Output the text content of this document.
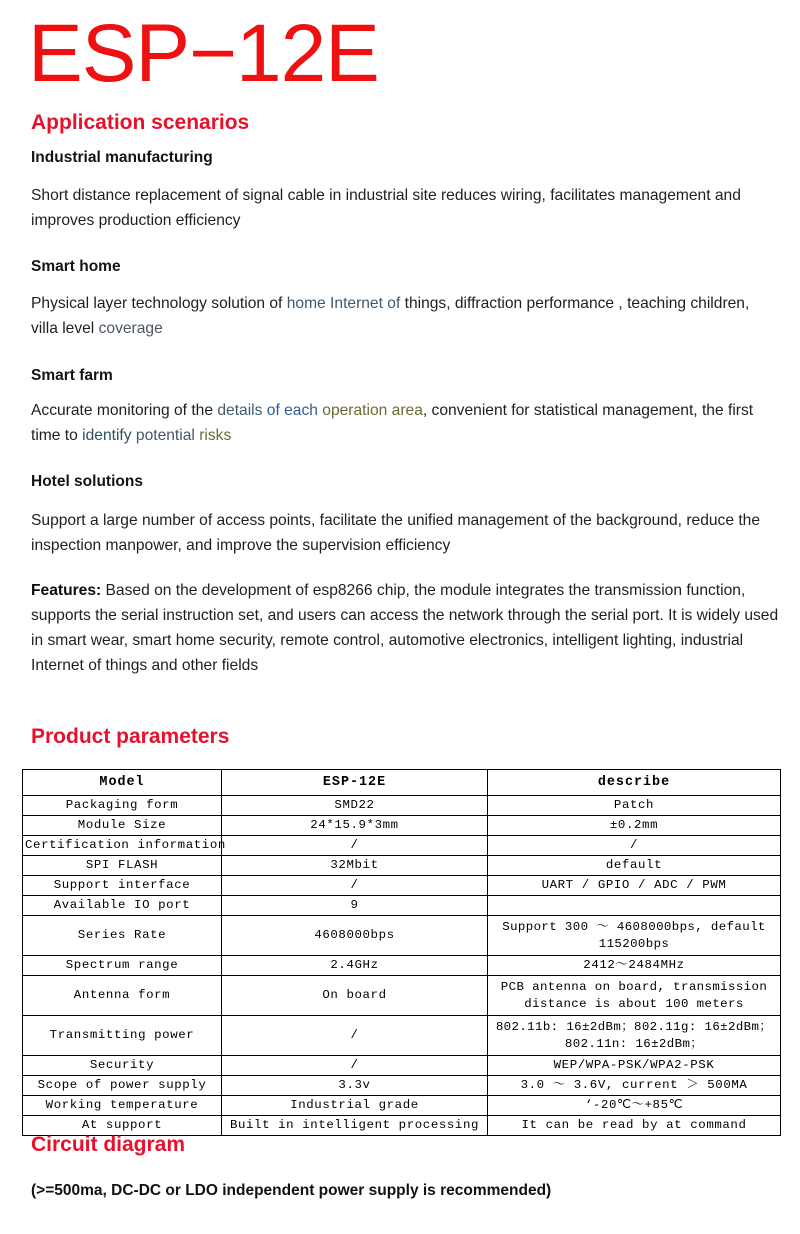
ESP−12E
Application scenarios
Industrial manufacturing
Short distance replacement of signal cable in industrial site reduces wiring, facilitates management and improves production efficiency
Smart home
Physical layer technology solution of home Internet of things, diffraction performance , teaching children, villa level coverage
Smart farm
Accurate monitoring of the details of each operation area, convenient for statistical management, the first time to identify potential risks
Hotel solutions
Support a large number of access points, facilitate the unified management of the background, reduce the inspection manpower, and improve the supervision efficiency
Features: Based on the development of esp8266 chip, the module integrates the transmission function, supports the serial instruction set, and users can access the network through the serial port. It is widely used in smart wear, smart home security, remote control, automotive electronics, intelligent lighting, industrial Internet of things and other fields
Product parameters
Model	ESP-12E	describe
Packaging form	SMD22	Patch
Module Size	24*15.9*3mm	±0.2mm
Certification information	/	/
SPI FLASH	32Mbit	default
Support interface	/	UART / GPIO / ADC / PWM
Available IO port	9	
Series Rate	4608000bps	Support 300 ～ 4608000bps, default 115200bps
Spectrum range	2.4GHz	2412～2484MHz
Antenna form	On board	PCB antenna on board, transmission distance is about 100 meters
Transmitting power	/	802.11b: 16±2dBm；802.11g: 16±2dBm；802.11n: 16±2dBm；
Security	/	WEP/WPA-PSK/WPA2-PSK
Scope of power supply	3.3v	3.0 ～ 3.6V, current ＞ 500MA
Working temperature	Industrial grade	‘-20℃～+85℃
At support	Built in intelligent processing	It can be read by at command
Circuit diagram
(>=500ma, DC-DC or LDO independent power supply is recommended)
